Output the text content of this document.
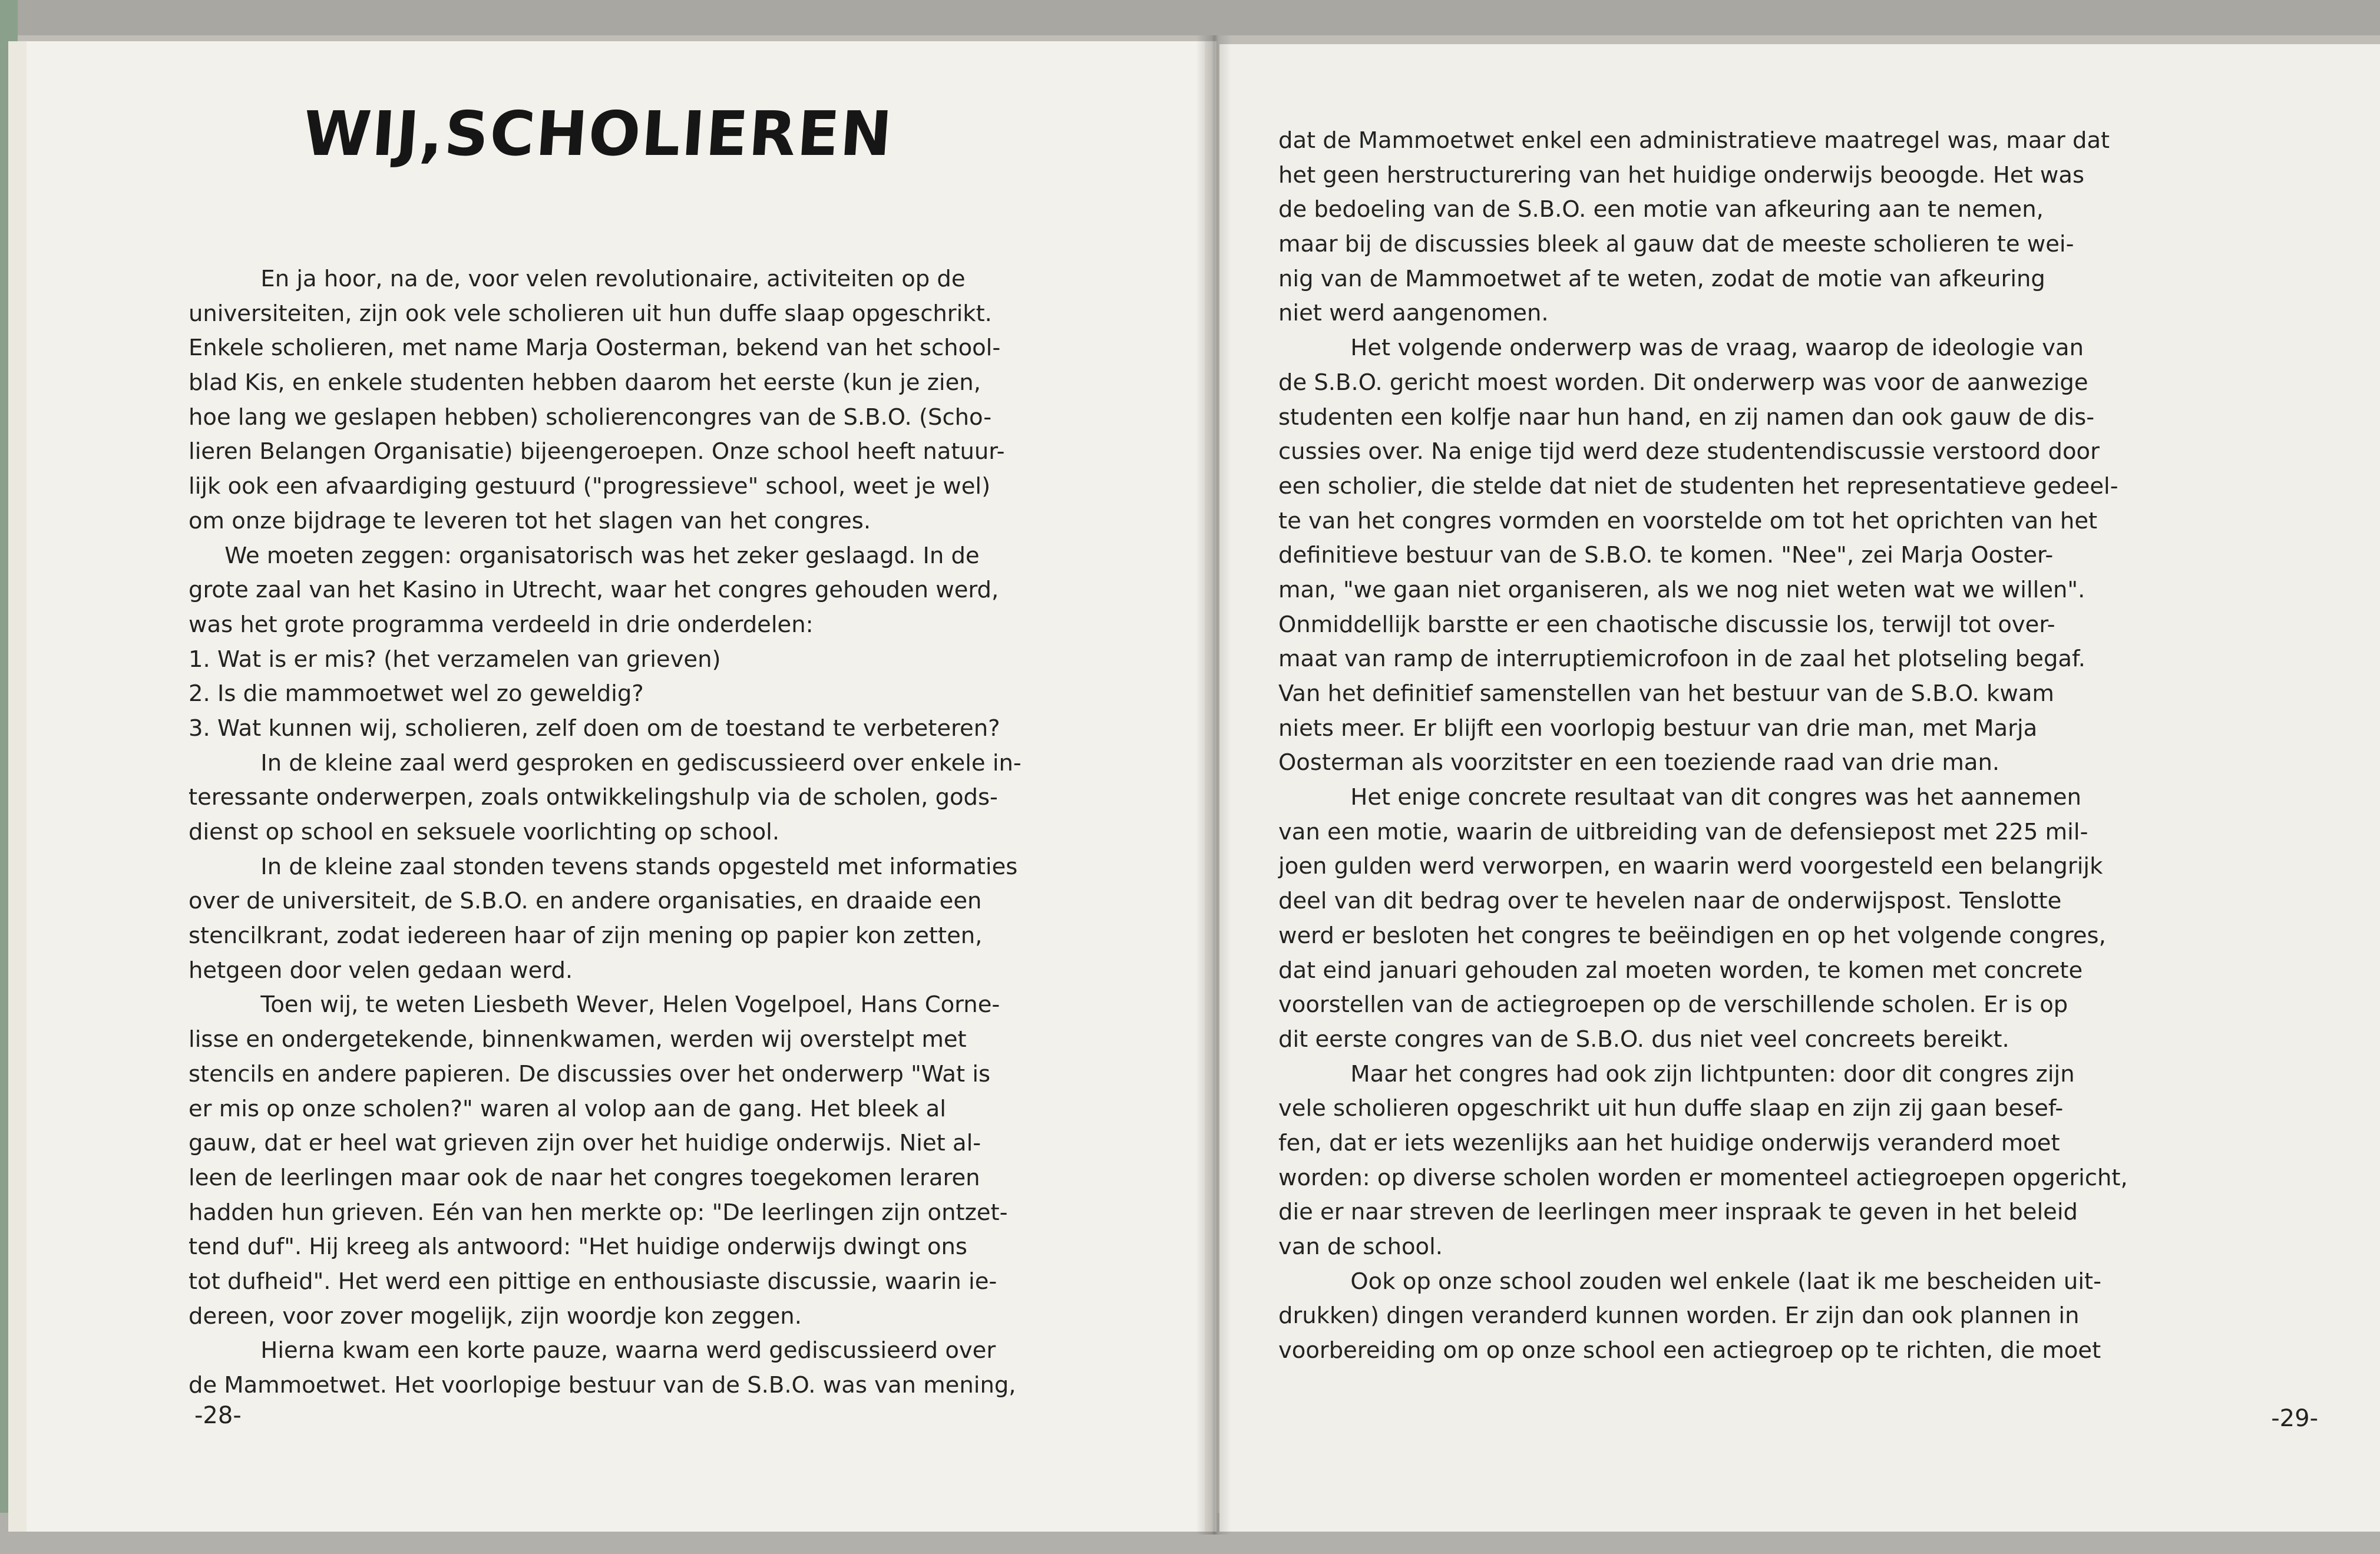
WIJ,SCHOLIEREN
En ja hoor, na de, voor velen revolutionaire, activiteiten op de
universiteiten, zijn ook vele scholieren uit hun duffe slaap opgeschrikt.
Enkele scholieren, met name Marja Oosterman, bekend van het school-
blad Kis, en enkele studenten hebben daarom het eerste (kun je zien,
hoe lang we geslapen hebben) scholierencongres van de S.B.O. (Scho-
lieren Belangen Organisatie) bijeengeroepen. Onze school heeft natuur-
lijk ook een afvaardiging gestuurd ("progressieve" school, weet je wel)
om onze bijdrage te leveren tot het slagen van het congres.
We moeten zeggen: organisatorisch was het zeker geslaagd. In de
grote zaal van het Kasino in Utrecht, waar het congres gehouden werd,
was het grote programma verdeeld in drie onderdelen:
1. Wat is er mis? (het verzamelen van grieven)
2. Is die mammoetwet wel zo geweldig?
3. Wat kunnen wij, scholieren, zelf doen om de toestand te verbeteren?
In de kleine zaal werd gesproken en gediscussieerd over enkele in-
teressante onderwerpen, zoals ontwikkelingshulp via de scholen, gods-
dienst op school en seksuele voorlichting op school.
In de kleine zaal stonden tevens stands opgesteld met informaties
over de universiteit, de S.B.O. en andere organisaties, en draaide een
stencilkrant, zodat iedereen haar of zijn mening op papier kon zetten,
hetgeen door velen gedaan werd.
Toen wij, te weten Liesbeth Wever, Helen Vogelpoel, Hans Corne-
lisse en ondergetekende, binnenkwamen, werden wij overstelpt met
stencils en andere papieren. De discussies over het onderwerp "Wat is
er mis op onze scholen?" waren al volop aan de gang. Het bleek al
gauw, dat er heel wat grieven zijn over het huidige onderwijs. Niet al-
leen de leerlingen maar ook de naar het congres toegekomen leraren
hadden hun grieven. Eén van hen merkte op: "De leerlingen zijn ontzet-
tend duf". Hij kreeg als antwoord: "Het huidige onderwijs dwingt ons
tot dufheid". Het werd een pittige en enthousiaste discussie, waarin ie-
dereen, voor zover mogelijk, zijn woordje kon zeggen.
Hierna kwam een korte pauze, waarna werd gediscussieerd over
de Mammoetwet. Het voorlopige bestuur van de S.B.O. was van mening,
-28-
dat de Mammoetwet enkel een administratieve maatregel was, maar dat
het geen herstructurering van het huidige onderwijs beoogde. Het was
de bedoeling van de S.B.O. een motie van afkeuring aan te nemen,
maar bij de discussies bleek al gauw dat de meeste scholieren te wei-
nig van de Mammoetwet af te weten, zodat de motie van afkeuring
niet werd aangenomen.
Het volgende onderwerp was de vraag, waarop de ideologie van
de S.B.O. gericht moest worden. Dit onderwerp was voor de aanwezige
studenten een kolfje naar hun hand, en zij namen dan ook gauw de dis-
cussies over. Na enige tijd werd deze studentendiscussie verstoord door
een scholier, die stelde dat niet de studenten het representatieve gedeel-
te van het congres vormden en voorstelde om tot het oprichten van het
definitieve bestuur van de S.B.O. te komen. "Nee", zei Marja Ooster-
man, "we gaan niet organiseren, als we nog niet weten wat we willen".
Onmiddellijk barstte er een chaotische discussie los, terwijl tot over-
maat van ramp de interruptiemicrofoon in de zaal het plotseling begaf.
Van het definitief samenstellen van het bestuur van de S.B.O. kwam
niets meer. Er blijft een voorlopig bestuur van drie man, met Marja
Oosterman als voorzitster en een toeziende raad van drie man.
Het enige concrete resultaat van dit congres was het aannemen
van een motie, waarin de uitbreiding van de defensiepost met 225 mil-
joen gulden werd verworpen, en waarin werd voorgesteld een belangrijk
deel van dit bedrag over te hevelen naar de onderwijspost. Tenslotte
werd er besloten het congres te beëindigen en op het volgende congres,
dat eind januari gehouden zal moeten worden, te komen met concrete
voorstellen van de actiegroepen op de verschillende scholen. Er is op
dit eerste congres van de S.B.O. dus niet veel concreets bereikt.
Maar het congres had ook zijn lichtpunten: door dit congres zijn
vele scholieren opgeschrikt uit hun duffe slaap en zijn zij gaan besef-
fen, dat er iets wezenlijks aan het huidige onderwijs veranderd moet
worden: op diverse scholen worden er momenteel actiegroepen opgericht,
die er naar streven de leerlingen meer inspraak te geven in het beleid
van de school.
Ook op onze school zouden wel enkele (laat ik me bescheiden uit-
drukken) dingen veranderd kunnen worden. Er zijn dan ook plannen in
voorbereiding om op onze school een actiegroep op te richten, die moet
-29-
